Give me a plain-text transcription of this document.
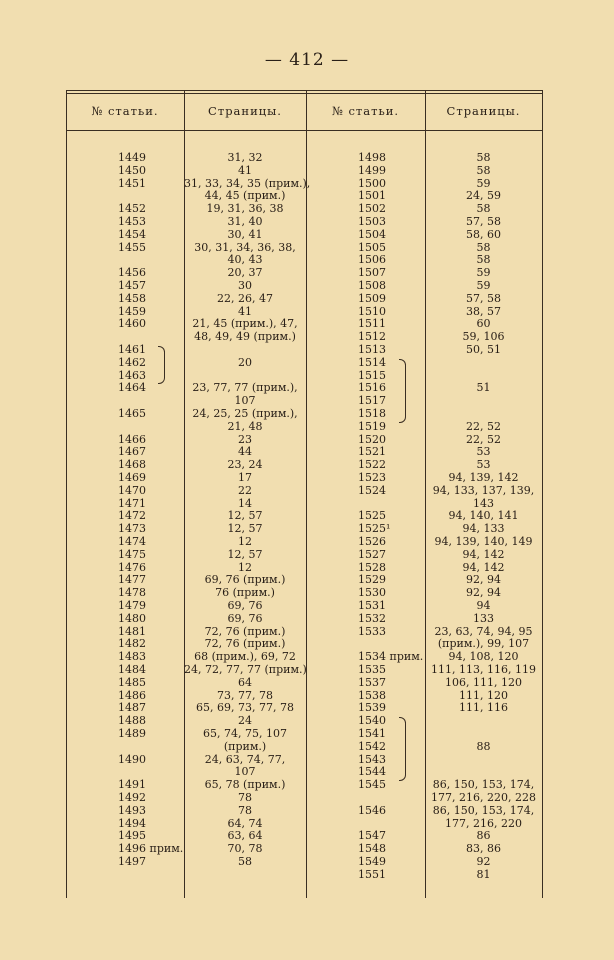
— 412 —
№ статьи.	Страницы.	№ статьи.	Страницы.
1449	31, 32
1450	41
1451	31, 33, 34, 35 (прим.),
44, 45 (прим.)
1452	19, 31, 36, 38
1453	31, 40
1454	30, 41
1455	30, 31, 34, 36, 38,
40, 43
1456	20, 37
1457	30
1458	22, 26, 47
1459	41
1460	21, 45 (прим.), 47,
48, 49, 49 (прим.)
1461
1462	20
1463
1464	23, 77, 77 (прим.),
107
1465	24, 25, 25 (прим.),
21, 48
1466	23
1467	44
1468	23, 24
1469	17
1470	22
1471	14
1472	12, 57
1473	12, 57
1474	12
1475	12, 57
1476	12
1477	69, 76 (прим.)
1478	76 (прим.)
1479	69, 76
1480	69, 76
1481	72, 76 (прим.)
1482	72, 76 (прим.)
1483	68 (прим.), 69, 72
1484	24, 72, 77, 77 (прим.)
1485	64
1486	73, 77, 78
1487	65, 69, 73, 77, 78
1488	24
1489	65, 74, 75, 107
(прим.)
1490	24, 63, 74, 77,
107
1491	65, 78 (прим.)
1492	78
1493	78
1494	64, 74
1495	63, 64
1496 прим.	70, 78
1497	58
1498	58
1499	58
1500	59
1501	24, 59
1502	58
1503	57, 58
1504	58, 60
1505	58
1506	58
1507	59
1508	59
1509	57, 58
1510	38, 57
1511	60
1512	59, 106
1513	50, 51
1514
1515
1516	51
1517
1518
1519	22, 52
1520	22, 52
1521	53
1522	53
1523	94, 139, 142
1524	94, 133, 137, 139,
143
1525	94, 140, 141
1525¹	94, 133
1526	94, 139, 140, 149
1527	94, 142
1528	94, 142
1529	92, 94
1530	92, 94
1531	94
1532	133
1533	23, 63, 74, 94, 95
(прим.), 99, 107
1534 прим.	94, 108, 120
1535	111, 113, 116, 119
1537	106, 111, 120
1538	111, 120
1539	111, 116
1540
1541
1542	88
1543
1544
1545	86, 150, 153, 174,
177, 216, 220, 228
1546	86, 150, 153, 174,
177, 216, 220
1547	86
1548	83, 86
1549	92
1551	81
